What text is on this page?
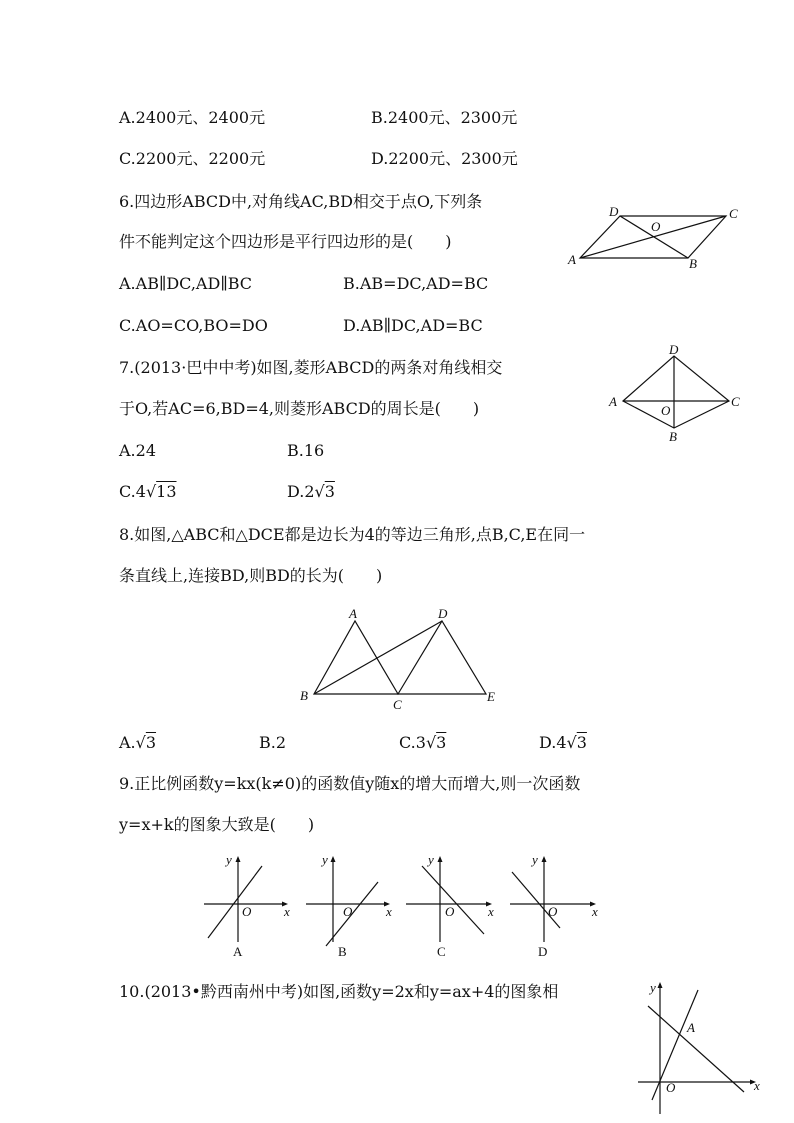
A.2400元、2400元	B.2400元、2300元
C.2200元、2200元	D.2200元、2300元
6.四边形ABCD中,对角线AC,BD相交于点O,下列条
件不能判定这个四边形是平行四边形的是(　　)
A.AB∥DC,AD∥BC	B.AB=DC,AD=BC
C.AO=CO,BO=DO	D.AB∥DC,AD=BC
A	B
C
D
O
7.(2013·巴中中考)如图,菱形ABCD的两条对角线相交
于O,若AC=6,BD=4,则菱形ABCD的周长是(　　)
A.24	B.16
C.4√13	D.2√3
A
B
C
D
O
8.如图,△ABC和△DCE都是边长为4的等边三角形,点B,C,E在同一
条直线上,连接BD,则BD的长为(　　)
A
B
C
D
E
A.√3	B.2	C.3√3	D.4√3
9.正比例函数y=kx(k≠0)的函数值y随x的增大而增大,则一次函数
y=x+k的图象大致是(　　)
y
x
O
A
y
x
O
B
y
x
O
C
y
x
O
D
10.(2013•黔西南州中考)如图,函数y=2x和y=ax+4的图象相	y
x
O
A
